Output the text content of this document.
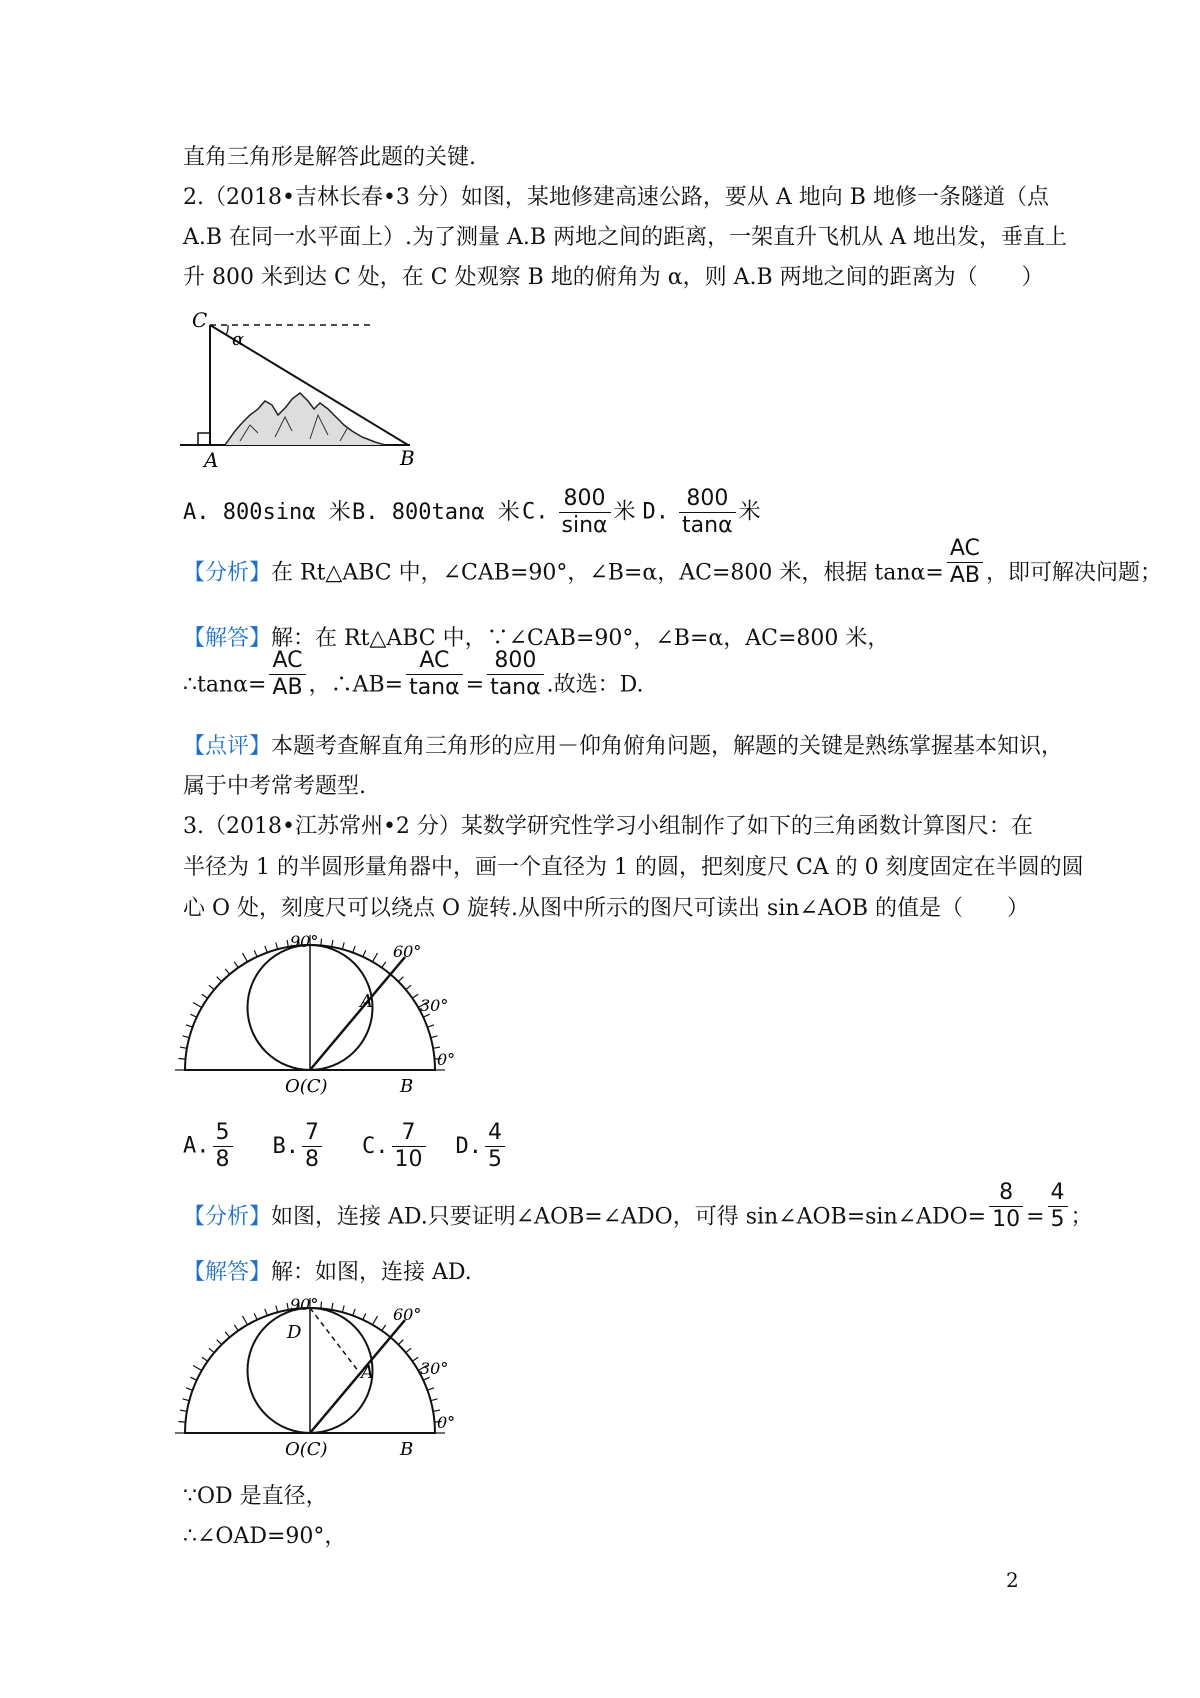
直角三角形是解答此题的关键.
2.（2018•吉林长春•3 分）如图，某地修建高速公路，要从 A 地向 B 地修一条隧道（点
A.B 在同一水平面上）.为了测量 A.B 两地之间的距离，一架直升飞机从 A 地出发，垂直上
升 800 米到达 C 处，在 C 处观察 B 地的俯角为 α，则 A.B 两地之间的距离为（　　）
C
α
A	B
A. 800sinα 米 B. 800tanα 米 C. $\frac{800}{\sin\alpha}$ 米 D. $\frac{800}{\tan\alpha}$ 米
【分析】在 Rt△ABC 中，∠CAB=90°，∠B=α，AC=800 米，根据 $\tan\alpha= \frac{AC}{AB}$ ，即可解决问题；
【解答】解：在 Rt△ABC 中，∵∠CAB=90°，∠B=α，AC=800 米，
∴tanα= $\frac{AC}{AB}$ ，∴AB= $\frac{AC}{\tan\alpha} = \frac{800}{\tan\alpha}$ .故选：D.
【点评】本题考查解直角三角形的应用－仰角俯角问题，解题的关键是熟练掌握基本知识，
属于中考常考题型.
3.（2018•江苏常州•2 分）某数学研究性学习小组制作了如下的三角函数计算图尺：在
半径为 1 的半圆形量角器中，画一个直径为 1 的圆，把刻度尺 CA 的 0 刻度固定在半圆的圆
心 O 处，刻度尺可以绕点 O 旋转.从图中所示的图尺可读出 sin∠AOB 的值是（　　）
90°
60°
30°
0°
A
O(C)	B
A. $\frac{5}{8} B$. $\frac{7}{8} C$. $\frac{7}{10} D$. $\frac{4}{5}$
【分析】如图，连接 AD.只要证明∠AOB=∠ADO，可得 sin∠AOB=sin∠ADO= $\frac{8}{10} = \frac{4}{5}$ ；
【解答】解：如图，连接 AD.
90°
60°
30°
0°
D
A
O(C)	B
∵OD 是直径，
∴∠OAD=90°，
2
